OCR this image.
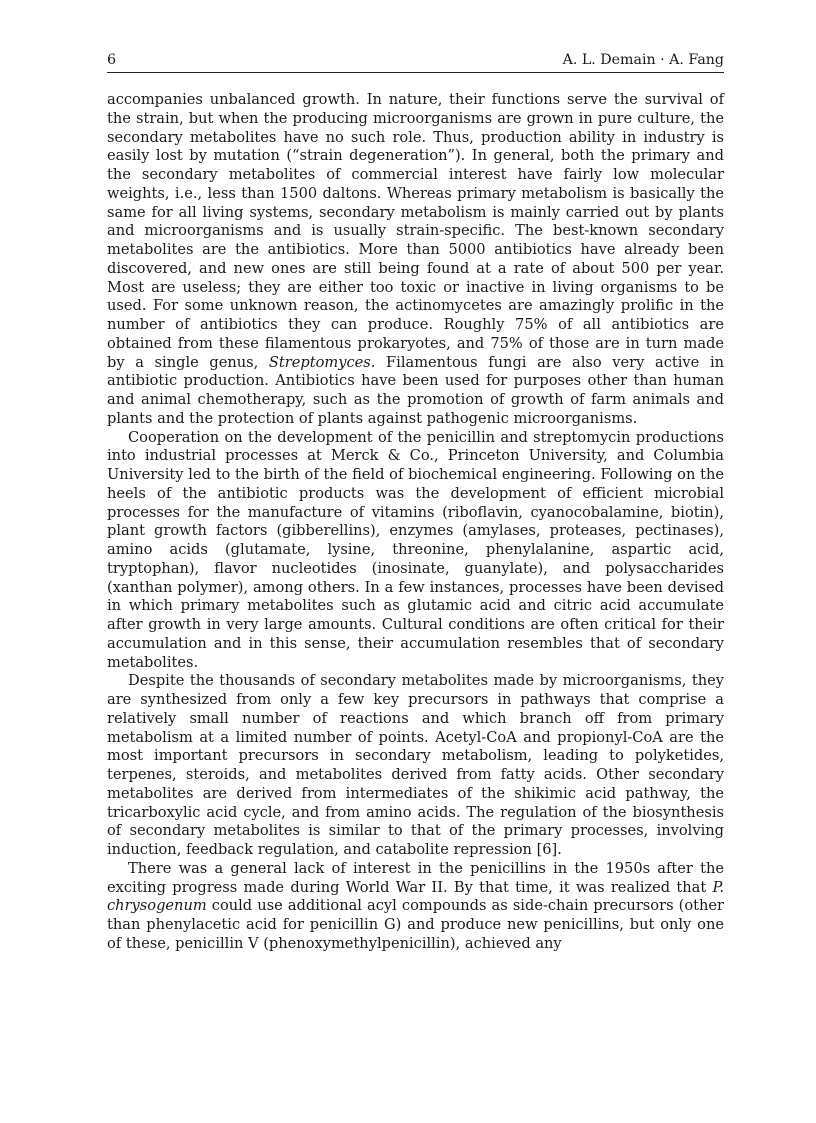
6	A. L. Demain · A. Fang

accompanies unbalanced growth. In nature, their functions serve the survival of the strain, but when the producing microorganisms are grown in pure culture, the secondary metabolites have no such role. Thus, production ability in industry is easily lost by mutation (“strain degeneration”). In general, both the primary and the secondary metabolites of commercial interest have fairly low molecular weights, i.e., less than 1500 daltons. Whereas primary metabolism is basically the same for all living systems, secondary metabolism is mainly carried out by plants and microorganisms and is usually strain-specific. The best-known secondary metabolites are the antibiotics. More than 5000 antibiotics have already been discovered, and new ones are still being found at a rate of about 500 per year. Most are useless; they are either too toxic or inactive in living organisms to be used. For some unknown reason, the actinomycetes are amazingly prolific in the number of antibiotics they can produce. Roughly 75% of all antibiotics are obtained from these filamentous prokaryotes, and 75% of those are in turn made by a single genus, Streptomyces. Filamentous fungi are also very active in antibiotic production. Antibiotics have been used for purposes other than human and animal chemotherapy, such as the promotion of growth of farm animals and plants and the protection of plants against pathogenic microorganisms.

Cooperation on the development of the penicillin and streptomycin productions into industrial processes at Merck & Co., Princeton University, and Columbia University led to the birth of the field of biochemical engineering. Following on the heels of the antibiotic products was the development of efficient microbial processes for the manufacture of vitamins (riboflavin, cyanocobalamine, biotin), plant growth factors (gibberellins), enzymes (amylases, proteases, pectinases), amino acids (glutamate, lysine, threonine, phenylalanine, aspartic acid, tryptophan), flavor nucleotides (inosinate, guanylate), and polysaccharides (xanthan polymer), among others. In a few instances, processes have been devised in which primary metabolites such as glutamic acid and citric acid accumulate after growth in very large amounts. Cultural conditions are often critical for their accumulation and in this sense, their accumulation resembles that of secondary metabolites.

Despite the thousands of secondary metabolites made by microorganisms, they are synthesized from only a few key precursors in pathways that comprise a relatively small number of reactions and which branch off from primary metabolism at a limited number of points. Acetyl-CoA and propionyl-CoA are the most important precursors in secondary metabolism, leading to polyketides, terpenes, steroids, and metabolites derived from fatty acids. Other secondary metabolites are derived from intermediates of the shikimic acid pathway, the tricarboxylic acid cycle, and from amino acids. The regulation of the biosynthesis of secondary metabolites is similar to that of the primary processes, involving induction, feedback regulation, and catabolite repression [6].

There was a general lack of interest in the penicillins in the 1950s after the exciting progress made during World War II. By that time, it was realized that P. chrysogenum could use additional acyl compounds as side-chain precursors (other than phenylacetic acid for penicillin G) and produce new penicillins, but only one of these, penicillin V (phenoxymethylpenicillin), achieved any
